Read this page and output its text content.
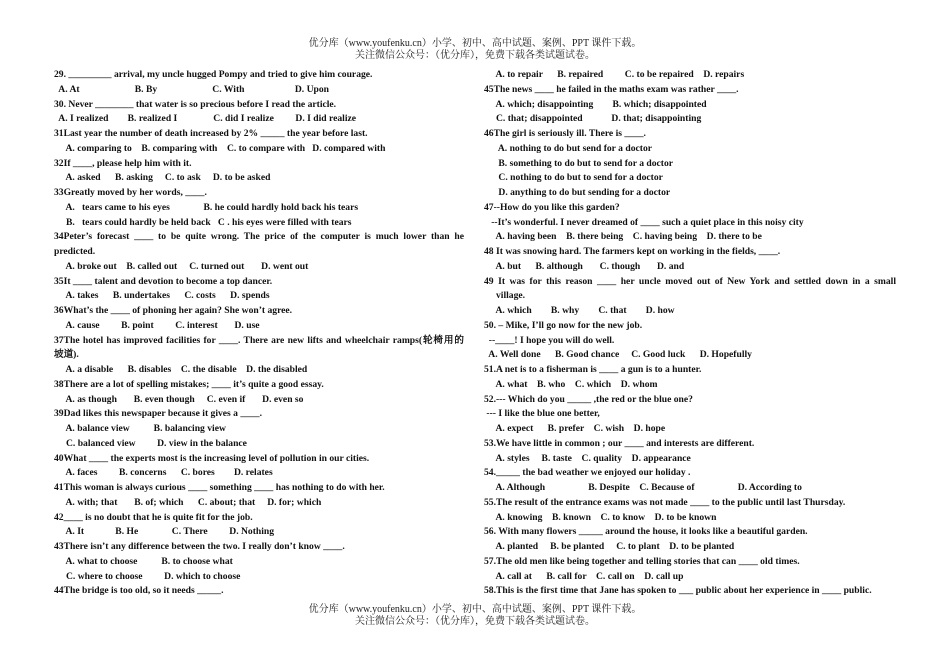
优分库（www.youfenku.cn）小学、初中、高中试题、案例、PPT 课件下载。
关注微信公众号：（优分库），免费下载各类试题试卷。
29. _________ arrival, my uncle hugged Pompy and tried to give him courage.
A. At                       B. By                       C. With                     D. Upon
30. Never ________ that water is so precious before I read the article.
A. I realized        B. realized I               C. did I realize         D. I did realize
31Last year the number of death increased by 2% _____ the year before last.
A. comparing to    B. comparing with    C. to compare with   D. compared with
32If ____, please help him with it.
A. asked      B. asking     C. to ask     D. to be asked
33Greatly moved by her words, ____.
A.   tears came to his eyes              B. he could hardly hold back his tears
B.   tears could hardly be held back   C . his eyes were filled with tears
34Peter’s forecast ____ to be quite wrong. The price of the computer is much lower than he
predicted.
A. broke out    B. called out     C. turned out       D. went out
35It ____ talent and devotion to become a top dancer.
A. takes      B. undertakes      C. costs      D. spends
36What’s the ____ of phoning her again? She won’t agree.
A. cause         B. point         C. interest       D. use
37The hotel has improved facilities for ____. There are new lifts and wheelchair ramps(轮椅用的
坡道).
A. a disable      B. disables    C. the disable    D. the disabled
38There are a lot of spelling mistakes; ____ it’s quite a good essay.
A. as though       B. even though     C. even if       D. even so
39Dad likes this newspaper because it gives a ____.
A. balance view          B. balancing view
C. balanced view         D. view in the balance
40What ____ the experts most is the increasing level of pollution in our cities.
A. faces         B. concerns      C. bores        D. relates
41This woman is always curious ____ something ____ has nothing to do with her.
A. with; that       B. of; which      C. about; that     D. for; which
42____ is no doubt that he is quite fit for the job.
A. It             B. He              C. There         D. Nothing
43There isn’t any difference between the two. I really don’t know ____.
A. what to choose          B. to choose what
C. where to choose         D. which to choose
44The bridge is too old, so it needs _____.
A. to repair      B. repaired         C. to be repaired    D. repairs
45The news ____ he failed in the maths exam was rather ____.
A. which; disappointing        B. which; disappointed
C. that; disappointed            D. that; disappointing
46The girl is seriously ill. There is ____.
A. nothing to do but send for a doctor
B. something to do but to send for a doctor
C. nothing to do but to send for a doctor
D. anything to do but sending for a doctor
47--How do you like this garden?
--It’s wonderful. I never dreamed of ____ such a quiet place in this noisy city
A. having been    B. there being    C. having being    D. there to be
48 It was snowing hard. The farmers kept on working in the fields, ____.
A. but      B. although       C. though       D. and
49 It was for this reason ____ her uncle moved out of New York and settled down in a small
village.
A. which        B. why        C. that        D. how
50. – Mike, I’ll go now for the new job.
--____! I hope you will do well.
A. Well done      B. Good chance     C. Good luck      D. Hopefully
51.A net is to a fisherman is ____ a gun is to a hunter.
A. what    B. who    C. which    D. whom
52.--- Which do you _____ ,the red or the blue one?
--- I like the blue one better,
A. expect      B. prefer    C. wish    D. hope
53.We have little in common ; our ____ and interests are different.
A. styles     B. taste    C. quality    D. appearance
54._____ the bad weather we enjoyed our holiday .
A. Although                  B. Despite    C. Because of                  D. According to
55.The result of the entrance exams was not made ____ to the public until last Thursday.
A. knowing    B. known    C. to know    D. to be known
56. With many flowers _____ around the house, it looks like a beautiful garden.
A. planted     B. be planted     C. to plant    D. to be planted
57.The old men like being together and telling stories that can ____ old times.
A. call at      B. call for    C. call on    D. call up
58.This is the first time that Jane has spoken to ___ public about her experience in ____ public.
优分库（www.youfenku.cn）小学、初中、高中试题、案例、PPT 课件下载。
关注微信公众号：（优分库），免费下载各类试题试卷。
